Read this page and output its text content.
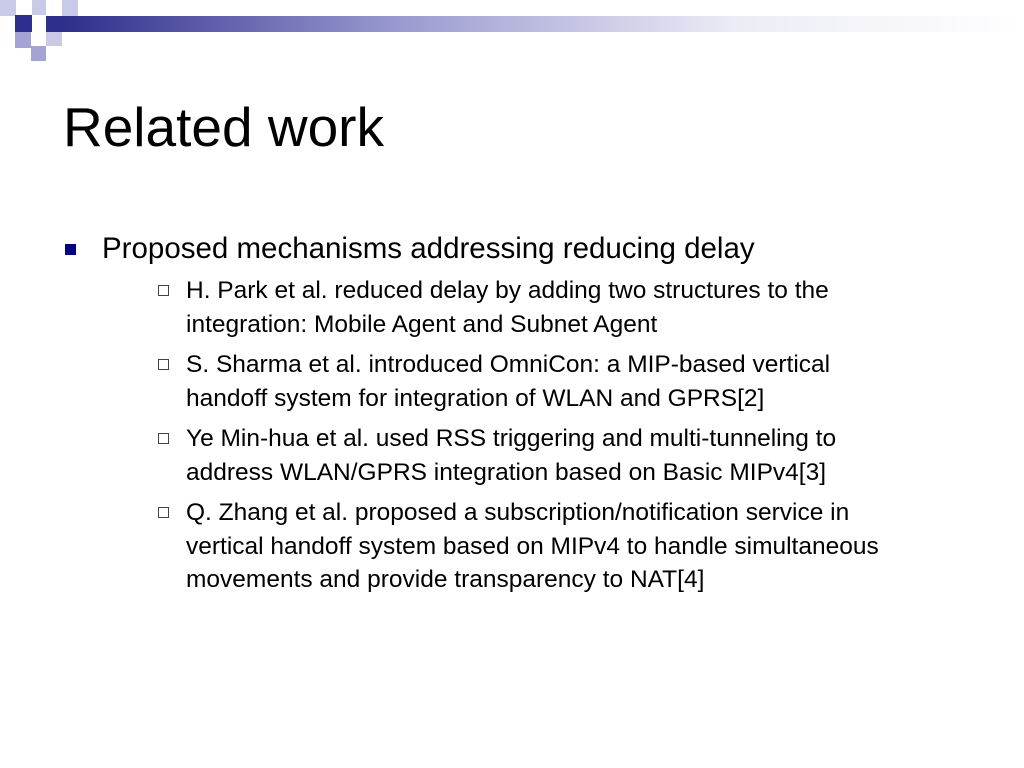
Related work
Proposed mechanisms addressing reducing delay
H. Park et al. reduced delay by adding two structures to the
integration: Mobile Agent and Subnet Agent
S. Sharma et al. introduced OmniCon: a MIP-based vertical
handoff system for integration of WLAN and GPRS[2]
Ye Min-hua et al. used RSS triggering and multi-tunneling to
address WLAN/GPRS integration based on Basic MIPv4[3]
Q. Zhang et al. proposed a subscription/notification service in
vertical handoff system based on MIPv4 to handle simultaneous
movements and provide transparency to NAT[4]
